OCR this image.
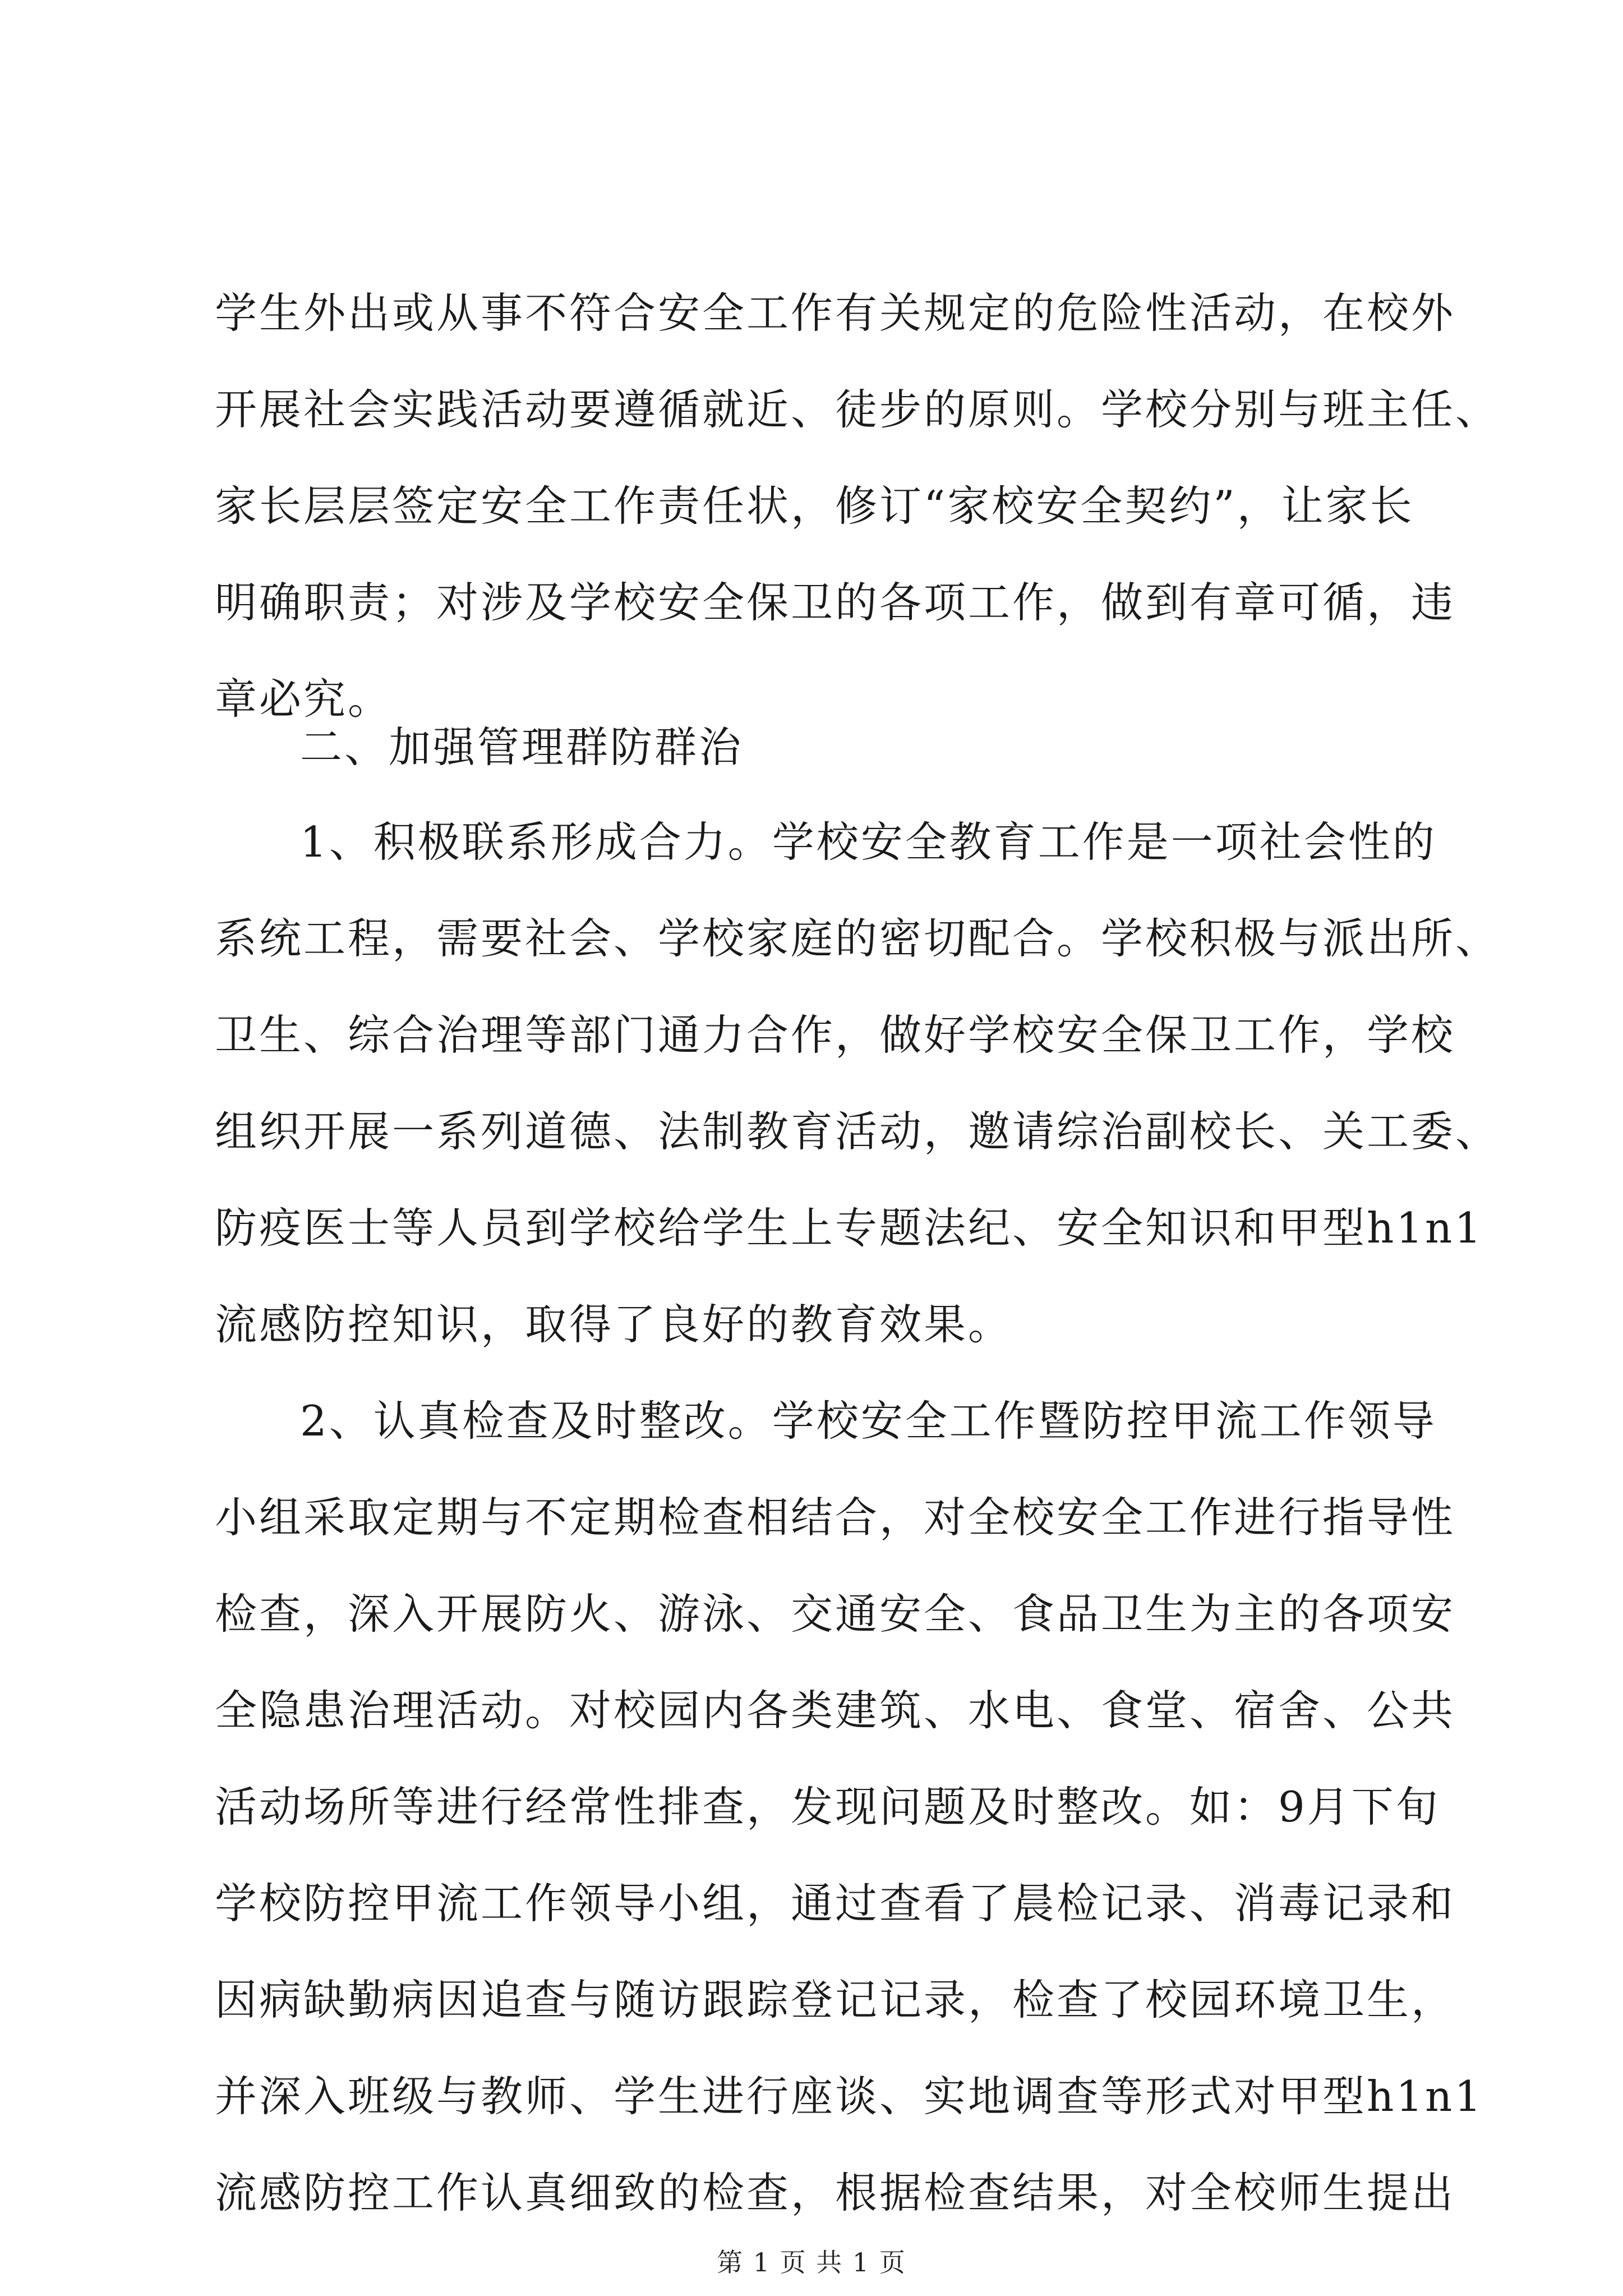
学生外出或从事不符合安全工作有关规定的危险性活动，在校外

开展社会实践活动要遵循就近、徒步的原则。学校分别与班主任、

家长层层签定安全工作责任状，修订“家校安全契约”，让家长

明确职责；对涉及学校安全保卫的各项工作，做到有章可循，违

章必究。

二、加强管理群防群治

1、积极联系形成合力。学校安全教育工作是一项社会性的

系统工程，需要社会、学校家庭的密切配合。学校积极与派出所、

卫生、综合治理等部门通力合作，做好学校安全保卫工作，学校

组织开展一系列道德、法制教育活动，邀请综治副校长、关工委、

防疫医士等人员到学校给学生上专题法纪、安全知识和甲型h1n1

流感防控知识，取得了良好的教育效果。

2、认真检查及时整改。学校安全工作暨防控甲流工作领导

小组采取定期与不定期检查相结合，对全校安全工作进行指导性

检查，深入开展防火、游泳、交通安全、食品卫生为主的各项安

全隐患治理活动。对校园内各类建筑、水电、食堂、宿舍、公共

活动场所等进行经常性排查，发现问题及时整改。如：9月下旬

学校防控甲流工作领导小组，通过查看了晨检记录、消毒记录和

因病缺勤病因追查与随访跟踪登记记录，检查了校园环境卫生，

并深入班级与教师、学生进行座谈、实地调查等形式对甲型h1n1

流感防控工作认真细致的检查，根据检查结果，对全校师生提出

第 1 页 共 1 页
